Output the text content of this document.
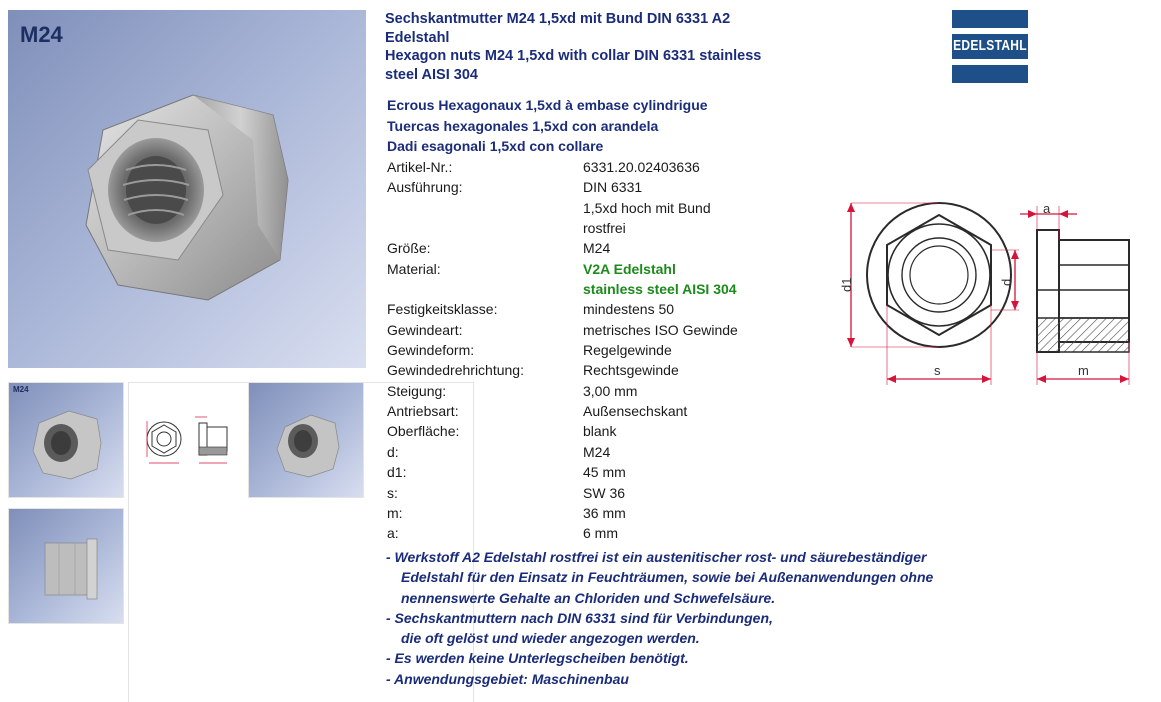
M24
M24
Sechskantmutter M24 1,5xd mit Bund DIN 6331 A2
Edelstahl
Hexagon nuts M24 1,5xd with collar DIN 6331 stainless
steel AISI 304
Ecrous Hexagonaux 1,5xd à embase cylindrigue
Tuercas hexagonales 1,5xd con arandela
Dadi esagonali 1,5xd con collare
Artikel-Nr.:	6331.20.02403636
Ausführung:	DIN 6331
	1,5xd hoch mit Bund
	rostfrei
Größe:	M24
Material:	V2A Edelstahl
	stainless steel AISI 304
Festigkeitsklasse:	mindestens 50
Gewindeart:	metrisches ISO Gewinde
Gewindeform:	Regelgewinde
Gewindedrehrichtung:	Rechtsgewinde
Steigung:	3,00 mm
Antriebsart:	Außensechskant
Oberfläche:	blank
d:	M24
d1:	45 mm
s:	SW 36
m:	36 mm
a:	6 mm
- Werkstoff A2 Edelstahl rostfrei ist ein austenitischer rost- und säurebeständiger
Edelstahl für den Einsatz in Feuchträumen, sowie bei Außenanwendungen ohne
nennenswerte Gehalte an Chloriden und Schwefelsäure.
- Sechskantmuttern nach DIN 6331 sind für Verbindungen,
die oft gelöst und wieder angezogen werden.
- Es werden keine Unterlegscheiben benötigt.
- Anwendungsgebiet: Maschinenbau
EDELSTAHL
a
d1	d
s	m
